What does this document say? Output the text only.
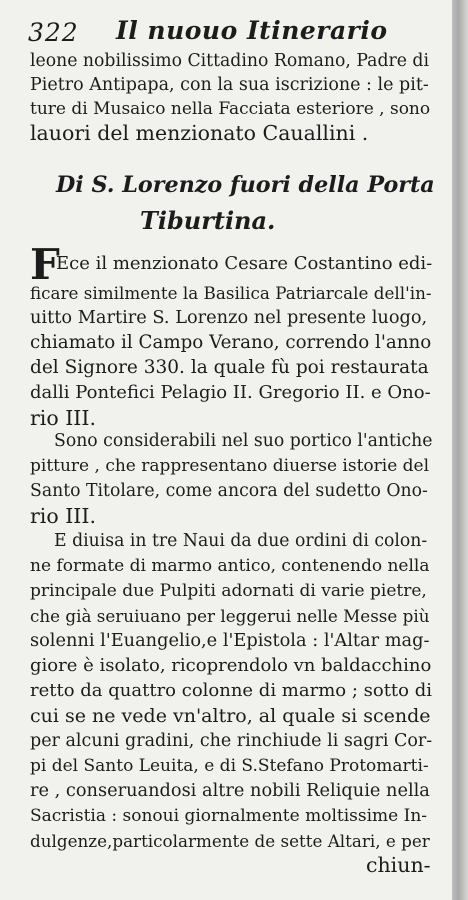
322 Il nuouo Itinerario
leone nobilissimo Cittadino Romano, Padre di
Pietro Antipapa, con la sua iscrizione : le pit-
ture di Musaico nella Facciata esteriore , sono
lauori del menzionato Cauallini .
Di S. Lorenzo fuori della Porta
Tiburtina.
FEce il menzionato Cesare Costantino edi-
ficare similmente la Basilica Patriarcale dell'in-
uitto Martire S. Lorenzo nel presente luogo,
chiamato il Campo Verano, correndo l'anno
del Signore 330. la quale fù poi restaurata
dalli Pontefici Pelagio II. Gregorio II. e Ono-
rio III.
Sono considerabili nel suo portico l'antiche
pitture , che rappresentano diuerse istorie del
Santo Titolare, come ancora del sudetto Ono-
rio III.
E diuisa in tre Naui da due ordini di colon-
ne formate di marmo antico, contenendo nella
principale due Pulpiti adornati di varie pietre,
che già seruiuano per leggerui nelle Messe più
solenni l'Euangelio,e l'Epistola : l'Altar mag-
giore è isolato, ricoprendolo vn baldacchino
retto da quattro colonne di marmo ; sotto di
cui se ne vede vn'altro, al quale si scende
per alcuni gradini, che rinchiude li sagri Cor-
pi del Santo Leuita, e di S.Stefano Protomarti-
re , conseruandosi altre nobili Reliquie nella
Sacristia : sonoui giornalmente moltissime In-
dulgenze,particolarmente de sette Altari, e per
chiun-
